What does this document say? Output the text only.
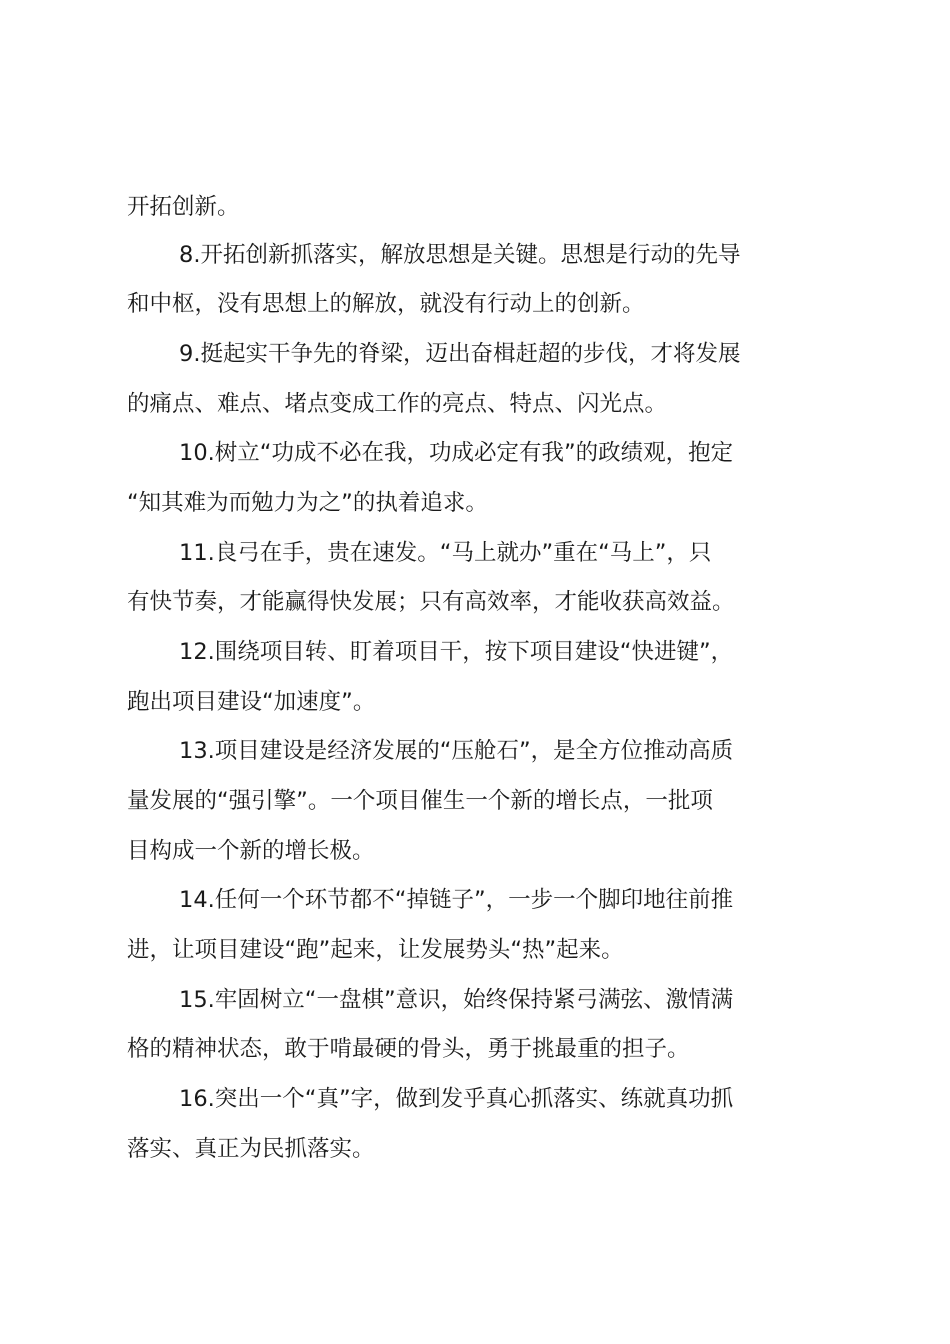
开拓创新。
8.开拓创新抓落实，解放思想是关键。思想是行动的先导
和中枢，没有思想上的解放，就没有行动上的创新。
9.挺起实干争先的脊梁，迈出奋楫赶超的步伐，才将发展
的痛点、难点、堵点变成工作的亮点、特点、闪光点。
10.树立“功成不必在我，功成必定有我”的政绩观，抱定
“知其难为而勉力为之”的执着追求。
11.良弓在手，贵在速发。“马上就办”重在“马上”，只
有快节奏，才能赢得快发展；只有高效率，才能收获高效益。
12.围绕项目转、盯着项目干，按下项目建设“快进键”，
跑出项目建设“加速度”。
13.项目建设是经济发展的“压舱石”，是全方位推动高质
量发展的“强引擎”。一个项目催生一个新的增长点，一批项
目构成一个新的增长极。
14.任何一个环节都不“掉链子”，一步一个脚印地往前推
进，让项目建设“跑”起来，让发展势头“热”起来。
15.牢固树立“一盘棋”意识，始终保持紧弓满弦、激情满
格的精神状态，敢于啃最硬的骨头，勇于挑最重的担子。
16.突出一个“真”字，做到发乎真心抓落实、练就真功抓
落实、真正为民抓落实。
